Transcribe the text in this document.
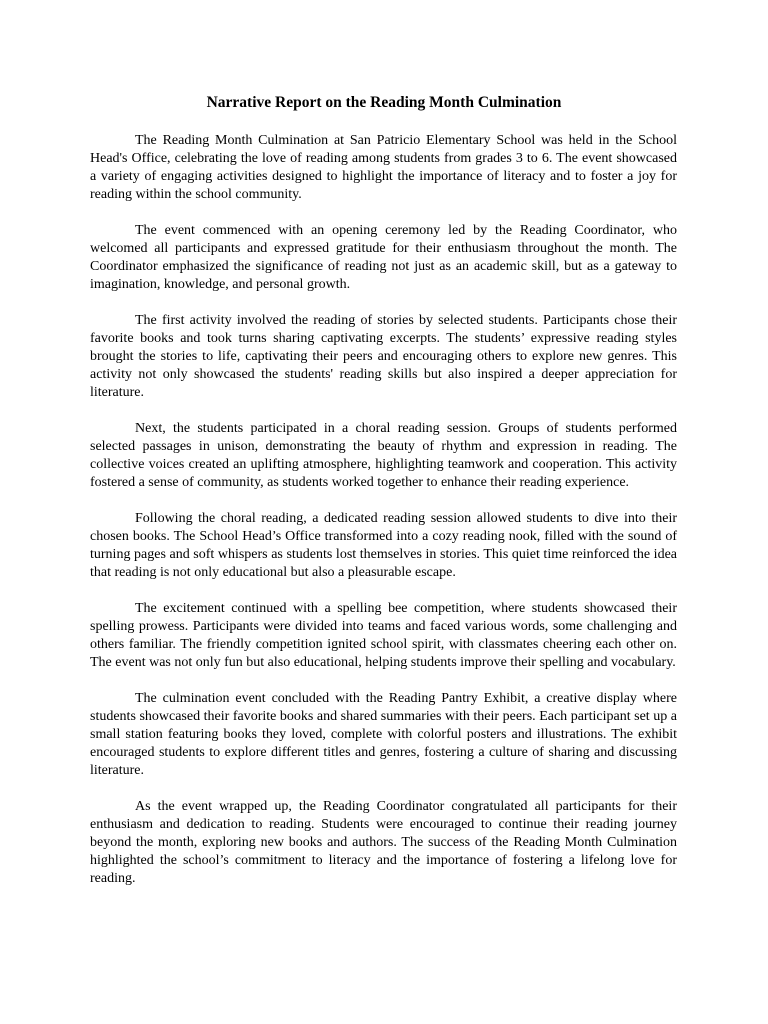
Narrative Report on the Reading Month Culmination

The Reading Month Culmination at San Patricio Elementary School was held in the School Head's Office, celebrating the love of reading among students from grades 3 to 6. The event showcased a variety of engaging activities designed to highlight the importance of literacy and to foster a joy for reading within the school community.

The event commenced with an opening ceremony led by the Reading Coordinator, who welcomed all participants and expressed gratitude for their enthusiasm throughout the month. The Coordinator emphasized the significance of reading not just as an academic skill, but as a gateway to imagination, knowledge, and personal growth.

The first activity involved the reading of stories by selected students. Participants chose their favorite books and took turns sharing captivating excerpts. The students’ expressive reading styles brought the stories to life, captivating their peers and encouraging others to explore new genres. This activity not only showcased the students' reading skills but also inspired a deeper appreciation for literature.

Next, the students participated in a choral reading session. Groups of students performed selected passages in unison, demonstrating the beauty of rhythm and expression in reading. The collective voices created an uplifting atmosphere, highlighting teamwork and cooperation. This activity fostered a sense of community, as students worked together to enhance their reading experience.

Following the choral reading, a dedicated reading session allowed students to dive into their chosen books. The School Head’s Office transformed into a cozy reading nook, filled with the sound of turning pages and soft whispers as students lost themselves in stories. This quiet time reinforced the idea that reading is not only educational but also a pleasurable escape.

The excitement continued with a spelling bee competition, where students showcased their spelling prowess. Participants were divided into teams and faced various words, some challenging and others familiar. The friendly competition ignited school spirit, with classmates cheering each other on. The event was not only fun but also educational, helping students improve their spelling and vocabulary.

The culmination event concluded with the Reading Pantry Exhibit, a creative display where students showcased their favorite books and shared summaries with their peers. Each participant set up a small station featuring books they loved, complete with colorful posters and illustrations. The exhibit encouraged students to explore different titles and genres, fostering a culture of sharing and discussing literature.

As the event wrapped up, the Reading Coordinator congratulated all participants for their enthusiasm and dedication to reading. Students were encouraged to continue their reading journey beyond the month, exploring new books and authors. The success of the Reading Month Culmination highlighted the school’s commitment to literacy and the importance of fostering a lifelong love for reading.
